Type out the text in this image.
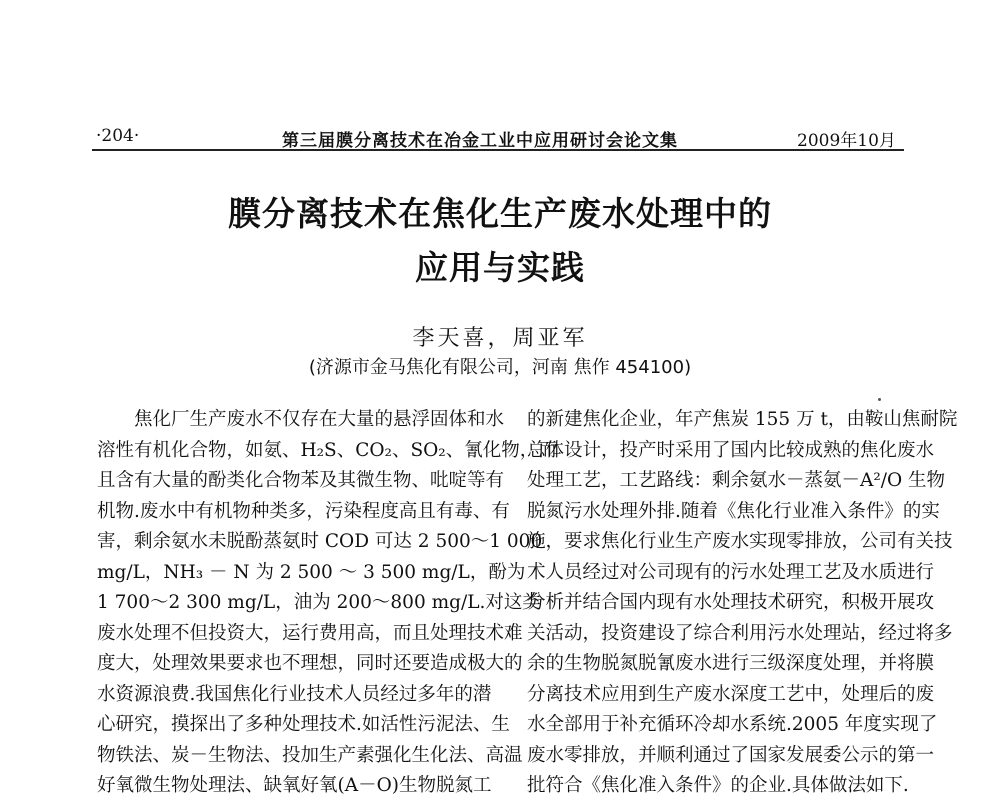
·204·	第三届膜分离技术在冶金工业中应用研讨会论文集	2009年10月
膜分离技术在焦化生产废水处理中的
应用与实践
李天喜，周亚军
(济源市金马焦化有限公司，河南 焦作 454100)
　　焦化厂生产废水不仅存在大量的悬浮固体和水
溶性有机化合物，如氨、H₂S、CO₂、SO₂、氰化物，而
且含有大量的酚类化合物苯及其微生物、吡啶等有
机物.废水中有机物种类多，污染程度高且有毒、有
害，剩余氨水未脱酚蒸氨时 COD 可达 2 500～1 000
mg/L，NH₃ － N 为 2 500 ～ 3 500 mg/L，酚为
1 700～2 300 mg/L，油为 200～800 mg/L.对这类
废水处理不但投资大，运行费用高，而且处理技术难
度大，处理效果要求也不理想，同时还要造成极大的
水资源浪费.我国焦化行业技术人员经过多年的潜
心研究，摸探出了多种处理技术.如活性污泥法、生
物铁法、炭－生物法、投加生产素强化生化法、高温
好氧微生物处理法、缺氧好氧(A－O)生物脱氮工
的新建焦化企业，年产焦炭 155 万 t，由鞍山焦耐院
总体设计，投产时采用了国内比较成熟的焦化废水
处理工艺，工艺路线：剩余氨水－蒸氨－A²/O 生物
脱氮污水处理外排.随着《焦化行业准入条件》的实
施，要求焦化行业生产废水实现零排放，公司有关技
术人员经过对公司现有的污水处理工艺及水质进行
分析并结合国内现有水处理技术研究，积极开展攻
关活动，投资建设了综合利用污水处理站，经过将多
余的生物脱氮脱氰废水进行三级深度处理，并将膜
分离技术应用到生产废水深度工艺中，处理后的废
水全部用于补充循环冷却水系统.2005 年度实现了
废水零排放，并顺利通过了国家发展委公示的第一
批符合《焦化准入条件》的企业.具体做法如下.
